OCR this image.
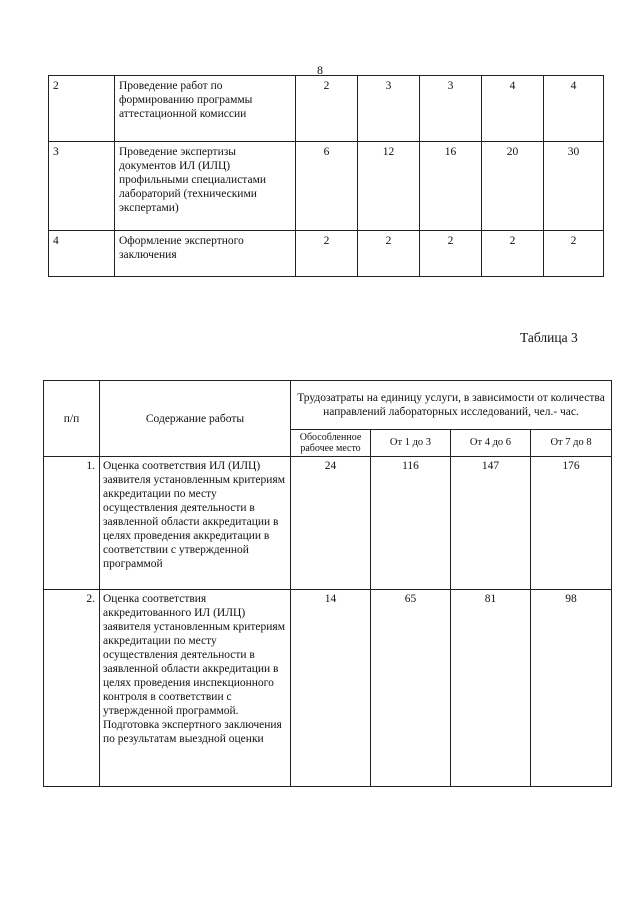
8
2	Проведение работ по формированию программы аттестационной комиссии	2	3	3	4	4
3	Проведение экспертизы документов ИЛ (ИЛЦ) профильными специалистами лабораторий (техническими экспертами)	6	12	16	20	30
4	Оформление экспертного заключения	2	2	2	2	2
Таблица 3
п/п	Содержание работы	Трудозатраты на единицу услуги, в зависимости от количества направлений лабораторных исследований, чел.- час.			
		Обособленное рабочее место	От 1 до 3	От 4 до 6	От 7 до 8
1.	Оценка соответствия ИЛ (ИЛЦ) заявителя установленным критериям аккредитации по месту осуществления деятельности в заявленной области аккредитации в целях проведения аккредитации в соответствии с утвержденной программой	24	116	147	176
2.	Оценка соответствия аккредитованного ИЛ (ИЛЦ) заявителя установленным критериям аккредитации по месту осуществления деятельности в заявленной области аккредитации в целях проведения инспекционного контроля в соответствии с утвержденной программой. Подготовка экспертного заключения по результатам выездной оценки	14	65	81	98
